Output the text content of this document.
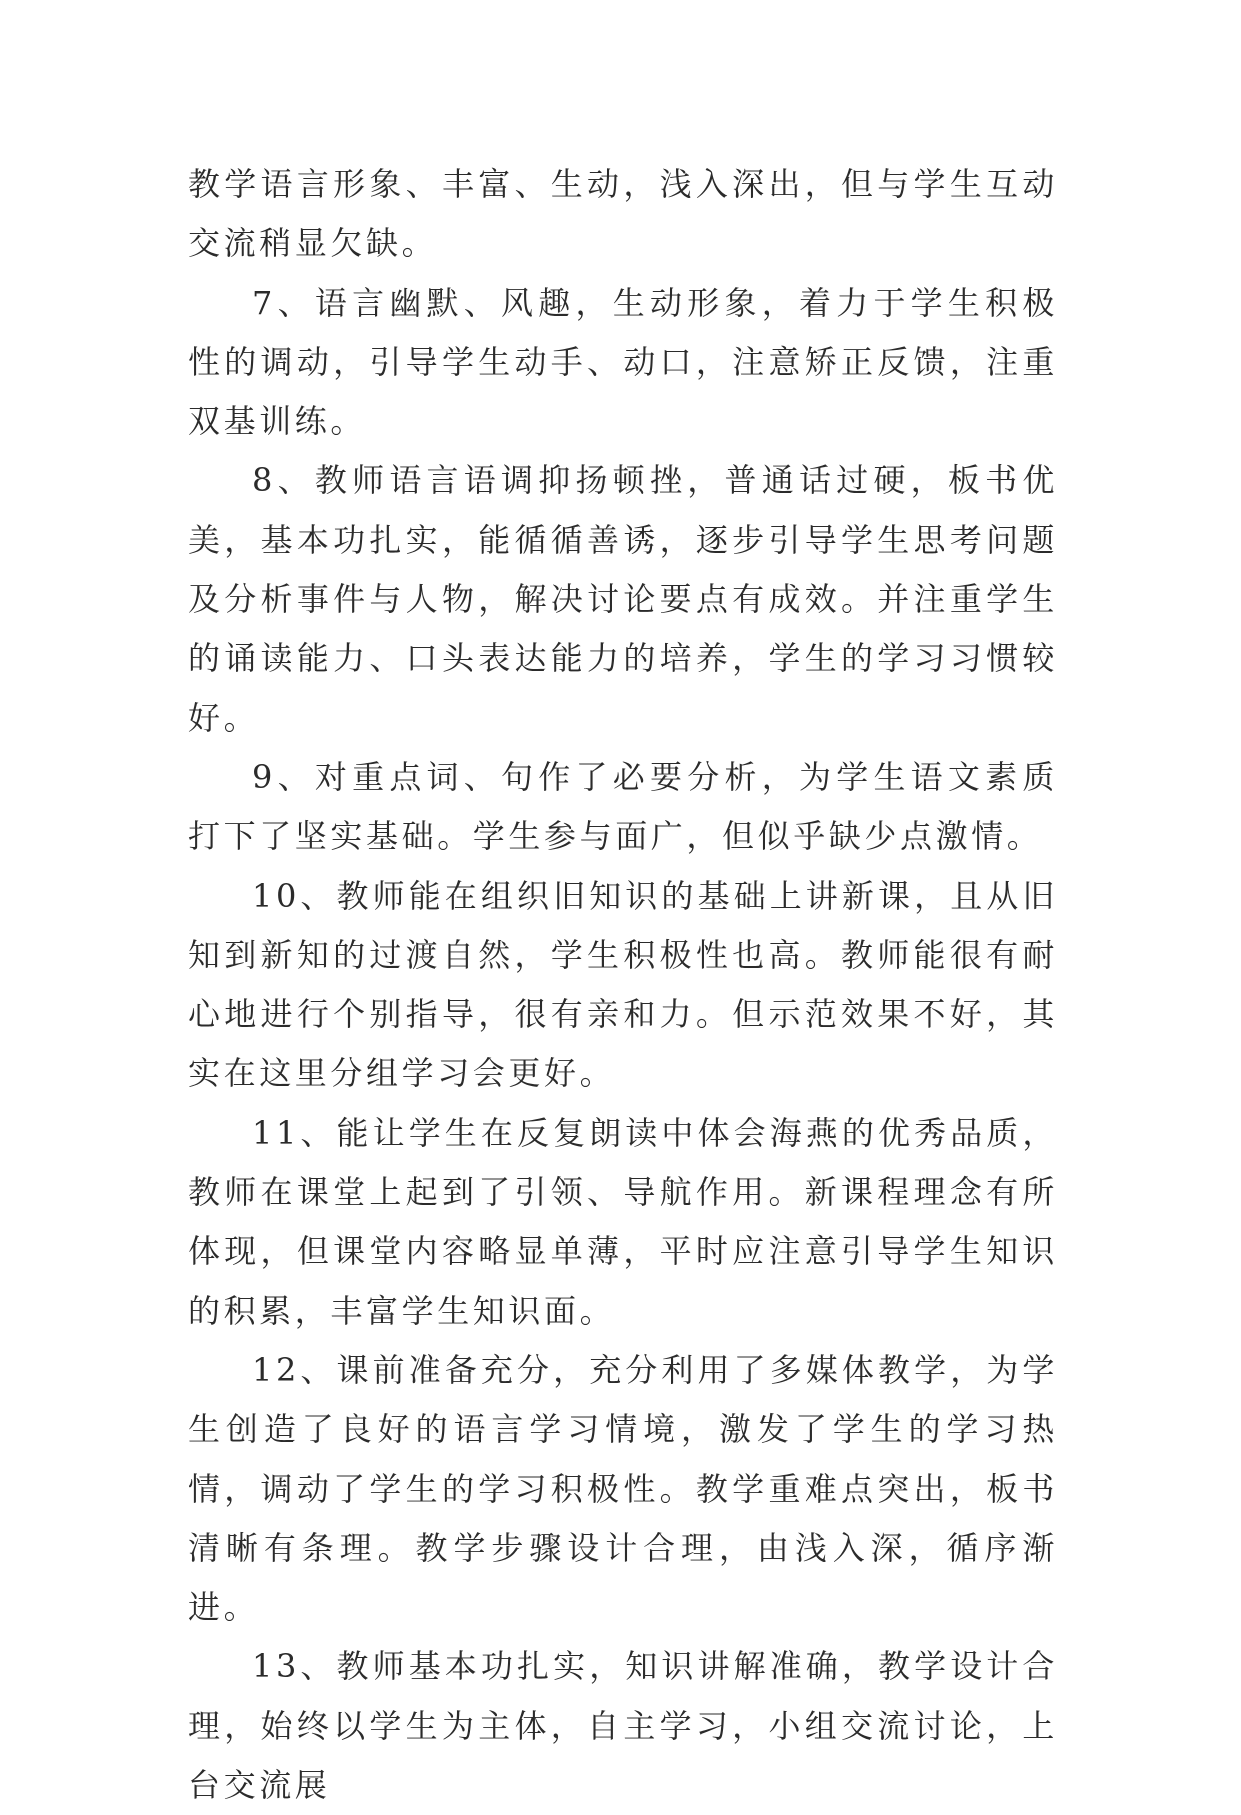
教学语言形象、丰富、生动，浅入深出，但与学生互动交流稍显欠缺。

7、语言幽默、风趣，生动形象，着力于学生积极性的调动，引导学生动手、动口，注意矫正反馈，注重双基训练。

8、教师语言语调抑扬顿挫，普通话过硬，板书优美，基本功扎实，能循循善诱，逐步引导学生思考问题及分析事件与人物，解决讨论要点有成效。并注重学生的诵读能力、口头表达能力的培养，学生的学习习惯较好。

9、对重点词、句作了必要分析，为学生语文素质打下了坚实基础。学生参与面广，但似乎缺少点激情。

10、教师能在组织旧知识的基础上讲新课，且从旧知到新知的过渡自然，学生积极性也高。教师能很有耐心地进行个别指导，很有亲和力。但示范效果不好，其实在这里分组学习会更好。

11、能让学生在反复朗读中体会海燕的优秀品质，教师在课堂上起到了引领、导航作用。新课程理念有所体现，但课堂内容略显单薄，平时应注意引导学生知识的积累，丰富学生知识面。

12、课前准备充分，充分利用了多媒体教学，为学生创造了良好的语言学习情境，激发了学生的学习热情，调动了学生的学习积极性。教学重难点突出，板书清晰有条理。教学步骤设计合理，由浅入深，循序渐进。

13、教师基本功扎实，知识讲解准确，教学设计合理，始终以学生为主体，自主学习，小组交流讨论，上台交流展
